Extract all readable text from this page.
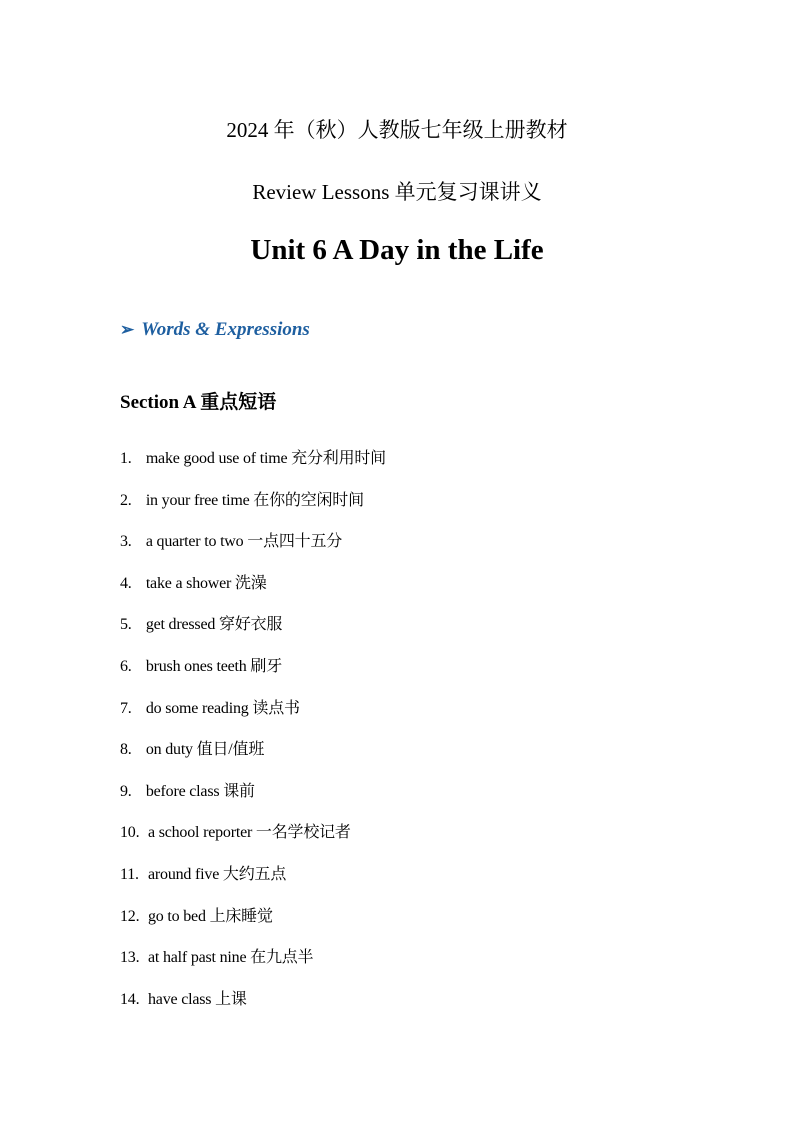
2024 年（秋）人教版七年级上册教材
Review Lessons 单元复习课讲义
Unit 6 A Day in the Life
➢ Words & Expressions
Section A 重点短语
1. make good use of time 充分利用时间
2. in your free time 在你的空闲时间
3. a quarter to two 一点四十五分
4. take a shower 洗澡
5. get dressed 穿好衣服
6. brush ones teeth 刷牙
7. do some reading 读点书
8. on duty 值日/值班
9. before class 课前
10. a school reporter 一名学校记者
11. around five 大约五点
12. go to bed 上床睡觉
13. at half past nine 在九点半
14. have class 上课
